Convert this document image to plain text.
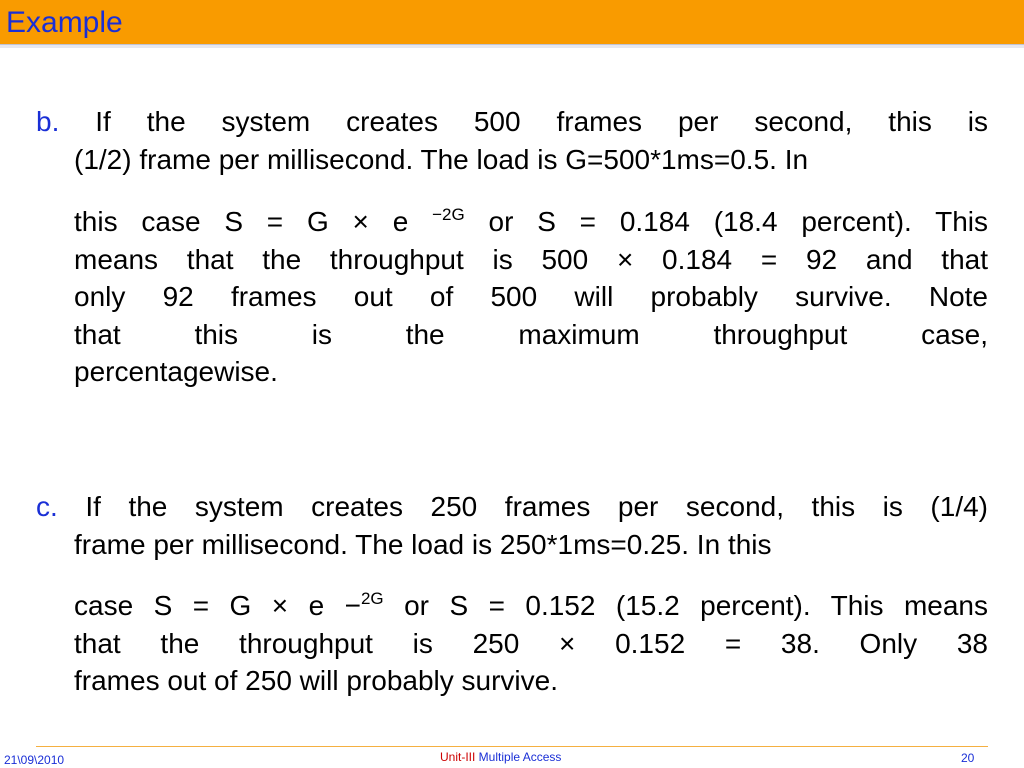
Example
b. If the system creates 500 frames per second, this is
(1/2) frame per millisecond. The load is G=500*1ms=0.5. In
this case S = G × e $^{-2G}$ or S = 0.184 (18.4 percent). This
means that the throughput is 500 × 0.184 = 92 and that
only 92 frames out of 500 will probably survive. Note
that this is the maximum throughput case,
percentagewise.
c. If the system creates 250 frames per second, this is (1/4)
frame per millisecond. The load is 250*1ms=0.25. In this
case S = G × e −$^{2G}$ or S = 0.152 (15.2 percent). This means
that the throughput is 250 × 0.152 = 38. Only 38
frames out of 250 will probably survive.
21\09\2010	Unit-III Multiple Access	20
